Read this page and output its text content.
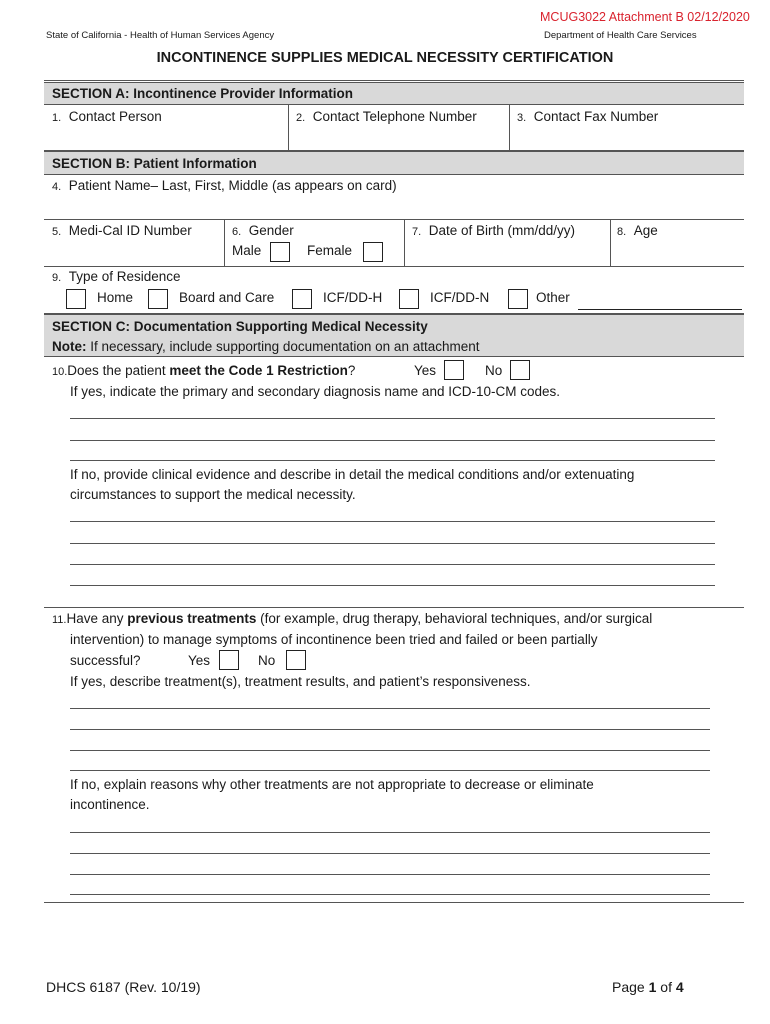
MCUG3022 Attachment B 02/12/2020
State of California - Health of Human Services Agency	Department of Health Care Services
INCONTINENCE SUPPLIES MEDICAL NECESSITY CERTIFICATION
SECTION A: Incontinence Provider Information
1. Contact Person	2. Contact Telephone Number	3. Contact Fax Number
SECTION B: Patient Information
4. Patient Name– Last, First, Middle (as appears on card)
5. Medi-Cal ID Number	6. Gender
Male	Female
7. Date of Birth (mm/dd/yy)	8. Age
9. Type of Residence
Home	Board and Care	ICF/DD-H	ICF/DD-N	Other
SECTION C: Documentation Supporting Medical Necessity
Note: If necessary, include supporting documentation on an attachment
10.Does the patient meet the Code 1 Restriction?	Yes	No
If yes, indicate the primary and secondary diagnosis name and ICD-10-CM codes.
If no, provide clinical evidence and describe in detail the medical conditions and/or extenuating
circumstances to support the medical necessity.
11.Have any previous treatments (for example, drug therapy, behavioral techniques, and/or surgical
intervention) to manage symptoms of incontinence been tried and failed or been partially
successful?	Yes	No
If yes, describe treatment(s), treatment results, and patient’s responsiveness.
If no, explain reasons why other treatments are not appropriate to decrease or eliminate
incontinence.
DHCS 6187 (Rev. 10/19)	Page 1 of 4
